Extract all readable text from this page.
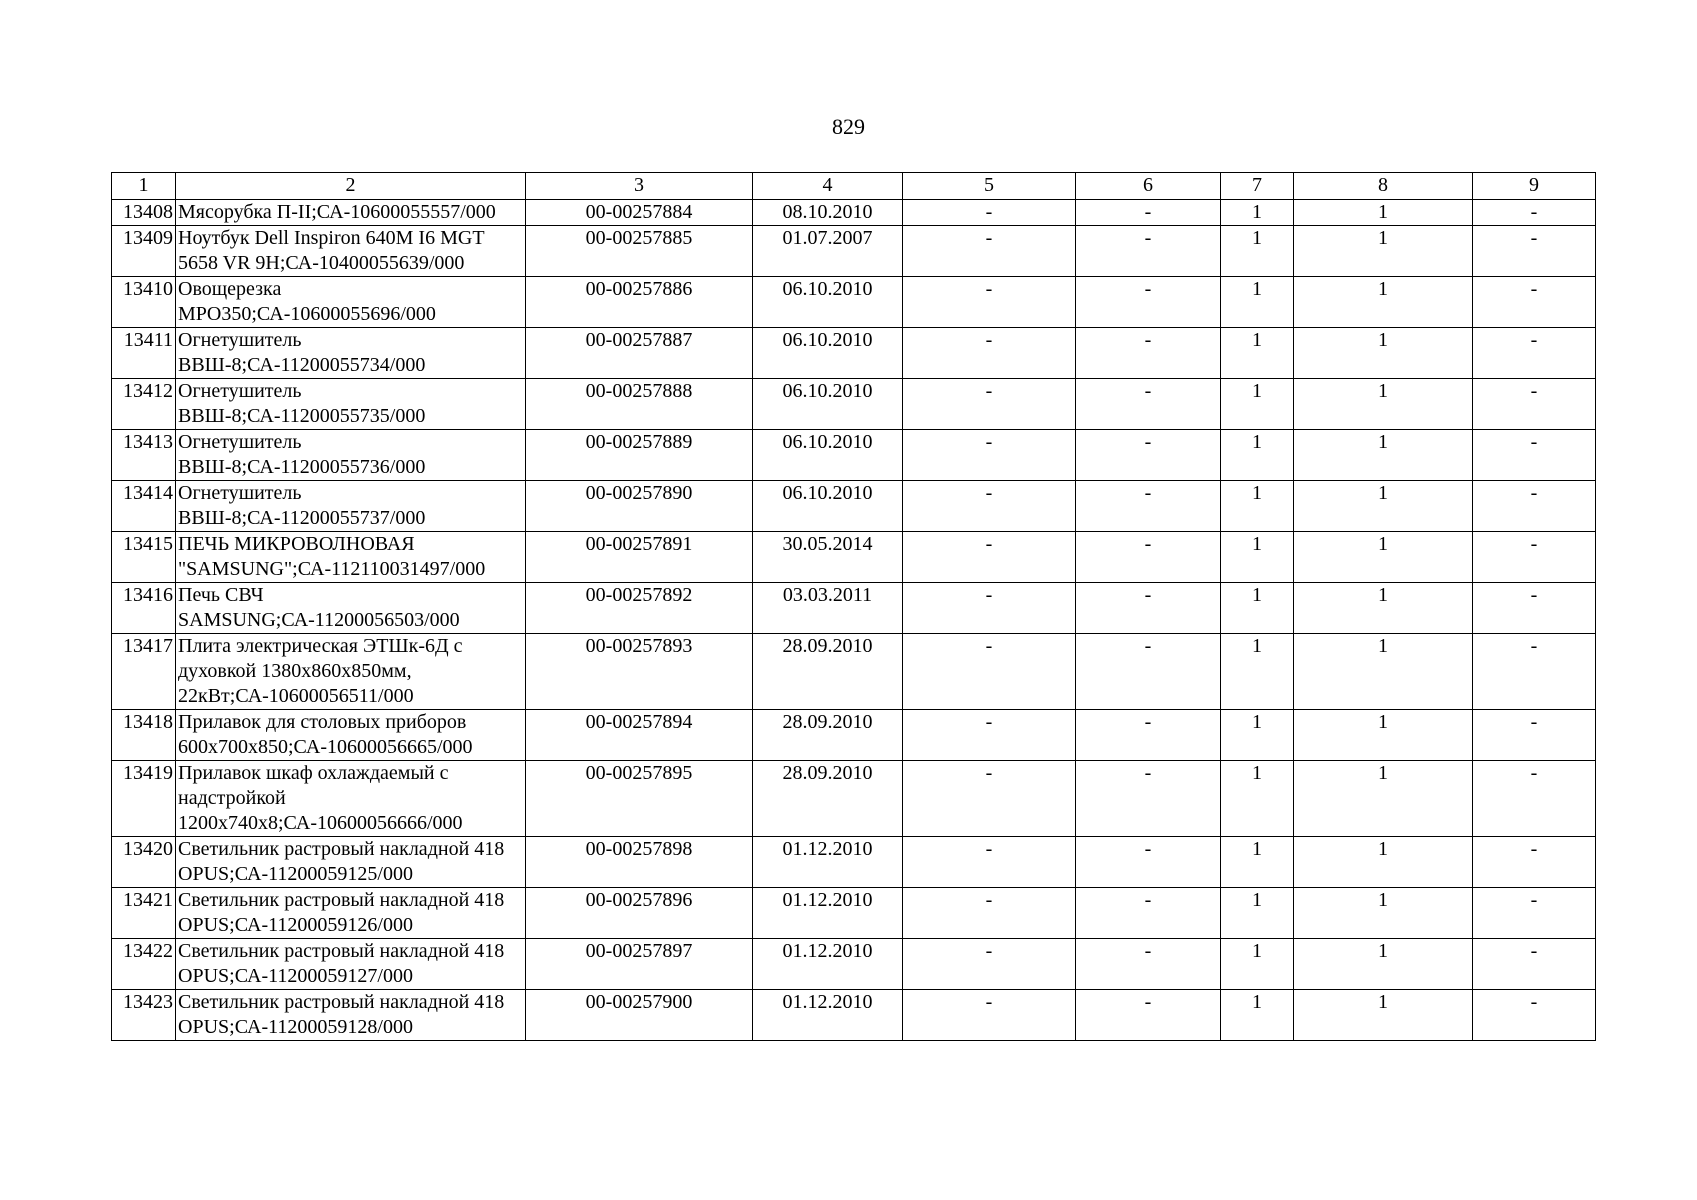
829
1	2	3	4	5	6	7	8	9
13408	Мясорубка П-II;СА-10600055557/000	00-00257884	08.10.2010	-	-	1	1	-
13409	Ноутбук Dell Inspiron 640M I6 MGT 5658 VR 9H;СА-10400055639/000	00-00257885	01.07.2007	-	-	1	1	-
13410	Овощерезка MPO350;СА-10600055696/000	00-00257886	06.10.2010	-	-	1	1	-
13411	Огнетушитель ВВШ-8;СА-11200055734/000	00-00257887	06.10.2010	-	-	1	1	-
13412	Огнетушитель ВВШ-8;СА-11200055735/000	00-00257888	06.10.2010	-	-	1	1	-
13413	Огнетушитель ВВШ-8;СА-11200055736/000	00-00257889	06.10.2010	-	-	1	1	-
13414	Огнетушитель ВВШ-8;СА-11200055737/000	00-00257890	06.10.2010	-	-	1	1	-
13415	ПЕЧЬ МИКРОВОЛНОВАЯ "SAMSUNG";СА-112110031497/000	00-00257891	30.05.2014	-	-	1	1	-
13416	Печь СВЧ SAMSUNG;СА-11200056503/000	00-00257892	03.03.2011	-	-	1	1	-
13417	Плита электрическая ЭТШк-6Д с духовкой 1380х860х850мм, 22кВт;СА-10600056511/000	00-00257893	28.09.2010	-	-	1	1	-
13418	Прилавок для столовых приборов 600х700х850;СА-10600056665/000	00-00257894	28.09.2010	-	-	1	1	-
13419	Прилавок шкаф охлаждаемый с надстройкой 1200х740х8;СА-10600056666/000	00-00257895	28.09.2010	-	-	1	1	-
13420	Светильник растровый накладной 418 OPUS;СА-11200059125/000	00-00257898	01.12.2010	-	-	1	1	-
13421	Светильник растровый накладной 418 OPUS;СА-11200059126/000	00-00257896	01.12.2010	-	-	1	1	-
13422	Светильник растровый накладной 418 OPUS;СА-11200059127/000	00-00257897	01.12.2010	-	-	1	1	-
13423	Светильник растровый накладной 418 OPUS;СА-11200059128/000	00-00257900	01.12.2010	-	-	1	1	-
